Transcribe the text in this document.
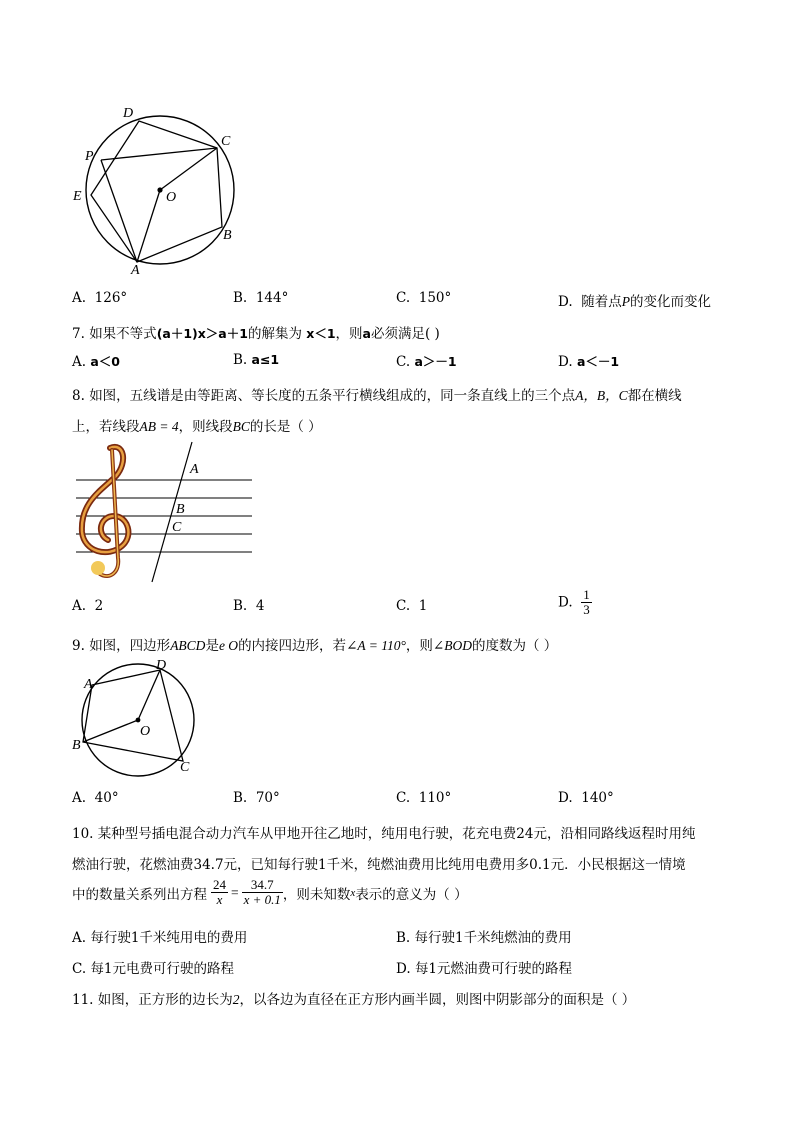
D
C
P
O
E
B
A
A. 126°	B. 144°	C. 150°	D. 随着点P的变化而变化
7. 如果不等式(a＋1)x＞a＋1的解集为 x＜1，则a必须满足( )
A. a＜0	B. a≤1	C. a＞－1	D. a＜－1
8. 如图，五线谱是由等距离、等长度的五条平行横线组成的，同一条直线上的三个点A，B，C都在横线
上，若线段AB = 4，则线段BC的长是（ ）
A
B
C
A. 2	B. 4	C. 1	D. $\frac{1}{3}$
9. 如图，四边形ABCD是e O的内接四边形，若∠A = 110°，则∠BOD的度数为（ ）
A
D
O
B
C
A. 40°	B. 70°	C. 110°	D. 140°
10. 某种型号插电混合动力汽车从甲地开往乙地时，纯用电行驶，花充电费24元，沿相同路线返程时用纯
燃油行驶，花燃油费34.7元，已知每行驶1千米，纯燃油费用比纯用电费用多0.1元．小民根据这一情境
中的数量关系列出方程 $\frac{24}{x} = \frac{34.7}{x + 0.1}$ ，则未知数 x 表示的意义为（ ）
A. 每行驶1千米纯用电的费用	B. 每行驶1千米纯燃油的费用
C. 每1元电费可行驶的路程	D. 每1元燃油费可行驶的路程
11. 如图，正方形的边长为2，以各边为直径在正方形内画半圆，则图中阴影部分的面积是（ ）
